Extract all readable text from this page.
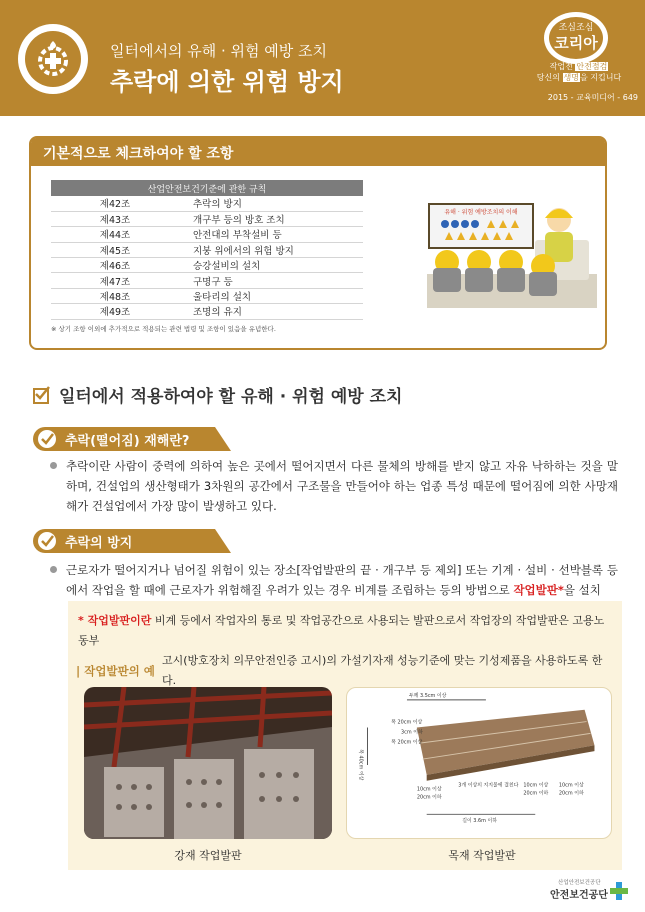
일터에서의 유해 · 위험 예방 조치
추락에 의한 위험 방지
조심조심
코리아
작업전 안전점검
당신의 생명을 지킵니다
2015 - 교육미디어 - 649
기본적으로 체크하여야 할 조항
산업안전보건기준에 관한 규칙	
제42조	추락의 방지
제43조	개구부 등의 방호 조치
제44조	안전대의 부착설비 등
제45조	지붕 위에서의 위험 방지
제46조	승강설비의 설치
제47조	구명구 등
제48조	울타리의 설치
제49조	조명의 유지
※ 상기 조항 이외에 추가적으로 적용되는 관련 법령 및 조항이 있음을 유념한다.
유해 · 위험 예방조치의 이해
일터에서 적용하여야 할 유해 · 위험 예방 조치
추락(떨어짐) 재해란?
추락이란 사람이 중력에 의하여 높은 곳에서 떨어지면서 다른 물체의 방해를 받지 않고 자유 낙하하는 것을 말하며, 건설업의 생산형태가 3차원의 공간에서 구조물을 만들어야 하는 업종 특성 때문에 떨어짐에 의한 사망재해가 건설업에서 가장 많이 발생하고 있다.
추락의 방지
근로자가 떨어지거나 넘어질 위험이 있는 장소[작업발판의 끝 · 개구부 등 제외] 또는 기계 · 설비 · 선박블록 등에서 작업을 할 때에 근로자가 위험해질 우려가 있는 경우 비계를 조립하는 등의 방법으로 작업발판*을 설치
* 작업발판이란 비계 등에서 작업자의 통로 및 작업공간으로 사용되는 발판으로서 작업장의 작업발판은 고용노동부
고시(방호장치 의무안전인증 고시)의 가설기자재 성능기준에 맞는 기성제품을 사용하도록 한다.
| 작업발판의 예
두께 3.5cm 이상
폭 20cm 이상
3cm 이하
폭 20cm 이상
폭 40cm 이상
10cm 이상
20cm 이하
3개 이상의 지지물에 결친다 10cm 이상
20cm 이하
10cm 이상
20cm 이하
길이 3.6m 이하
강재 작업발판	목재 작업발판
산업안전보건공단
안전보건공단
